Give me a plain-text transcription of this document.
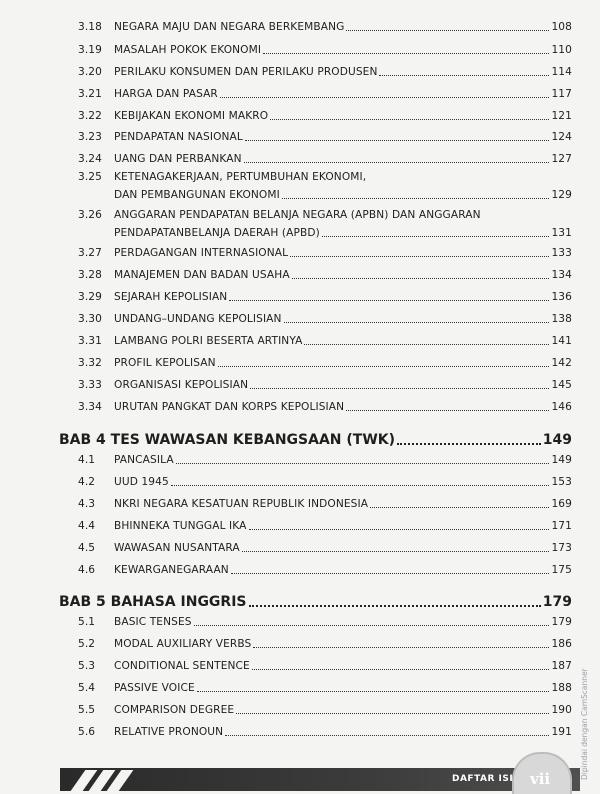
3.18	NEGARA MAJU DAN NEGARA BERKEMBANG	108
3.19	MASALAH POKOK EKONOMI	110
3.20	PERILAKU KONSUMEN DAN PERILAKU PRODUSEN	114
3.21	HARGA DAN PASAR	117
3.22	KEBIJAKAN EKONOMI MAKRO	121
3.23	PENDAPATAN NASIONAL	124
3.24	UANG DAN PERBANKAN	127
3.25	KETENAGAKERJAAN, PERTUMBUHAN EKONOMI,
DAN PEMBANGUNAN EKONOMI	129
3.26	ANGGARAN PENDAPATAN BELANJA NEGARA (APBN) DAN ANGGARAN
PENDAPATANBELANJA DAERAH (APBD)	131
3.27	PERDAGANGAN INTERNASIONAL	133
3.28	MANAJEMEN DAN BADAN USAHA	134
3.29	SEJARAH KEPOLISIAN	136
3.30	UNDANG–UNDANG KEPOLISIAN	138
3.31	LAMBANG POLRI BESERTA ARTINYA	141
3.32	PROFIL KEPOLISAN	142
3.33	ORGANISASI KEPOLISIAN	145
3.34	URUTAN PANGKAT DAN KORPS KEPOLISIAN	146
BAB 4 TES WAWASAN KEBANGSAAN (TWK)	149
4.1	PANCASILA	149
4.2	UUD 1945	153
4.3	NKRI NEGARA KESATUAN REPUBLIK INDONESIA	169
4.4	BHINNEKA TUNGGAL IKA	171
4.5	WAWASAN NUSANTARA	173
4.6	KEWARGANEGARAAN	175
BAB 5 BAHASA INGGRIS	179
5.1	BASIC TENSES	179
5.2	MODAL AUXILIARY VERBS	186
5.3	CONDITIONAL SENTENCE	187
5.4	PASSIVE VOICE	188
5.5	COMPARISON DEGREE	190
5.6	RELATIVE PRONOUN	191
DAFTAR ISI vii	Dipindai dengan CamScanner
